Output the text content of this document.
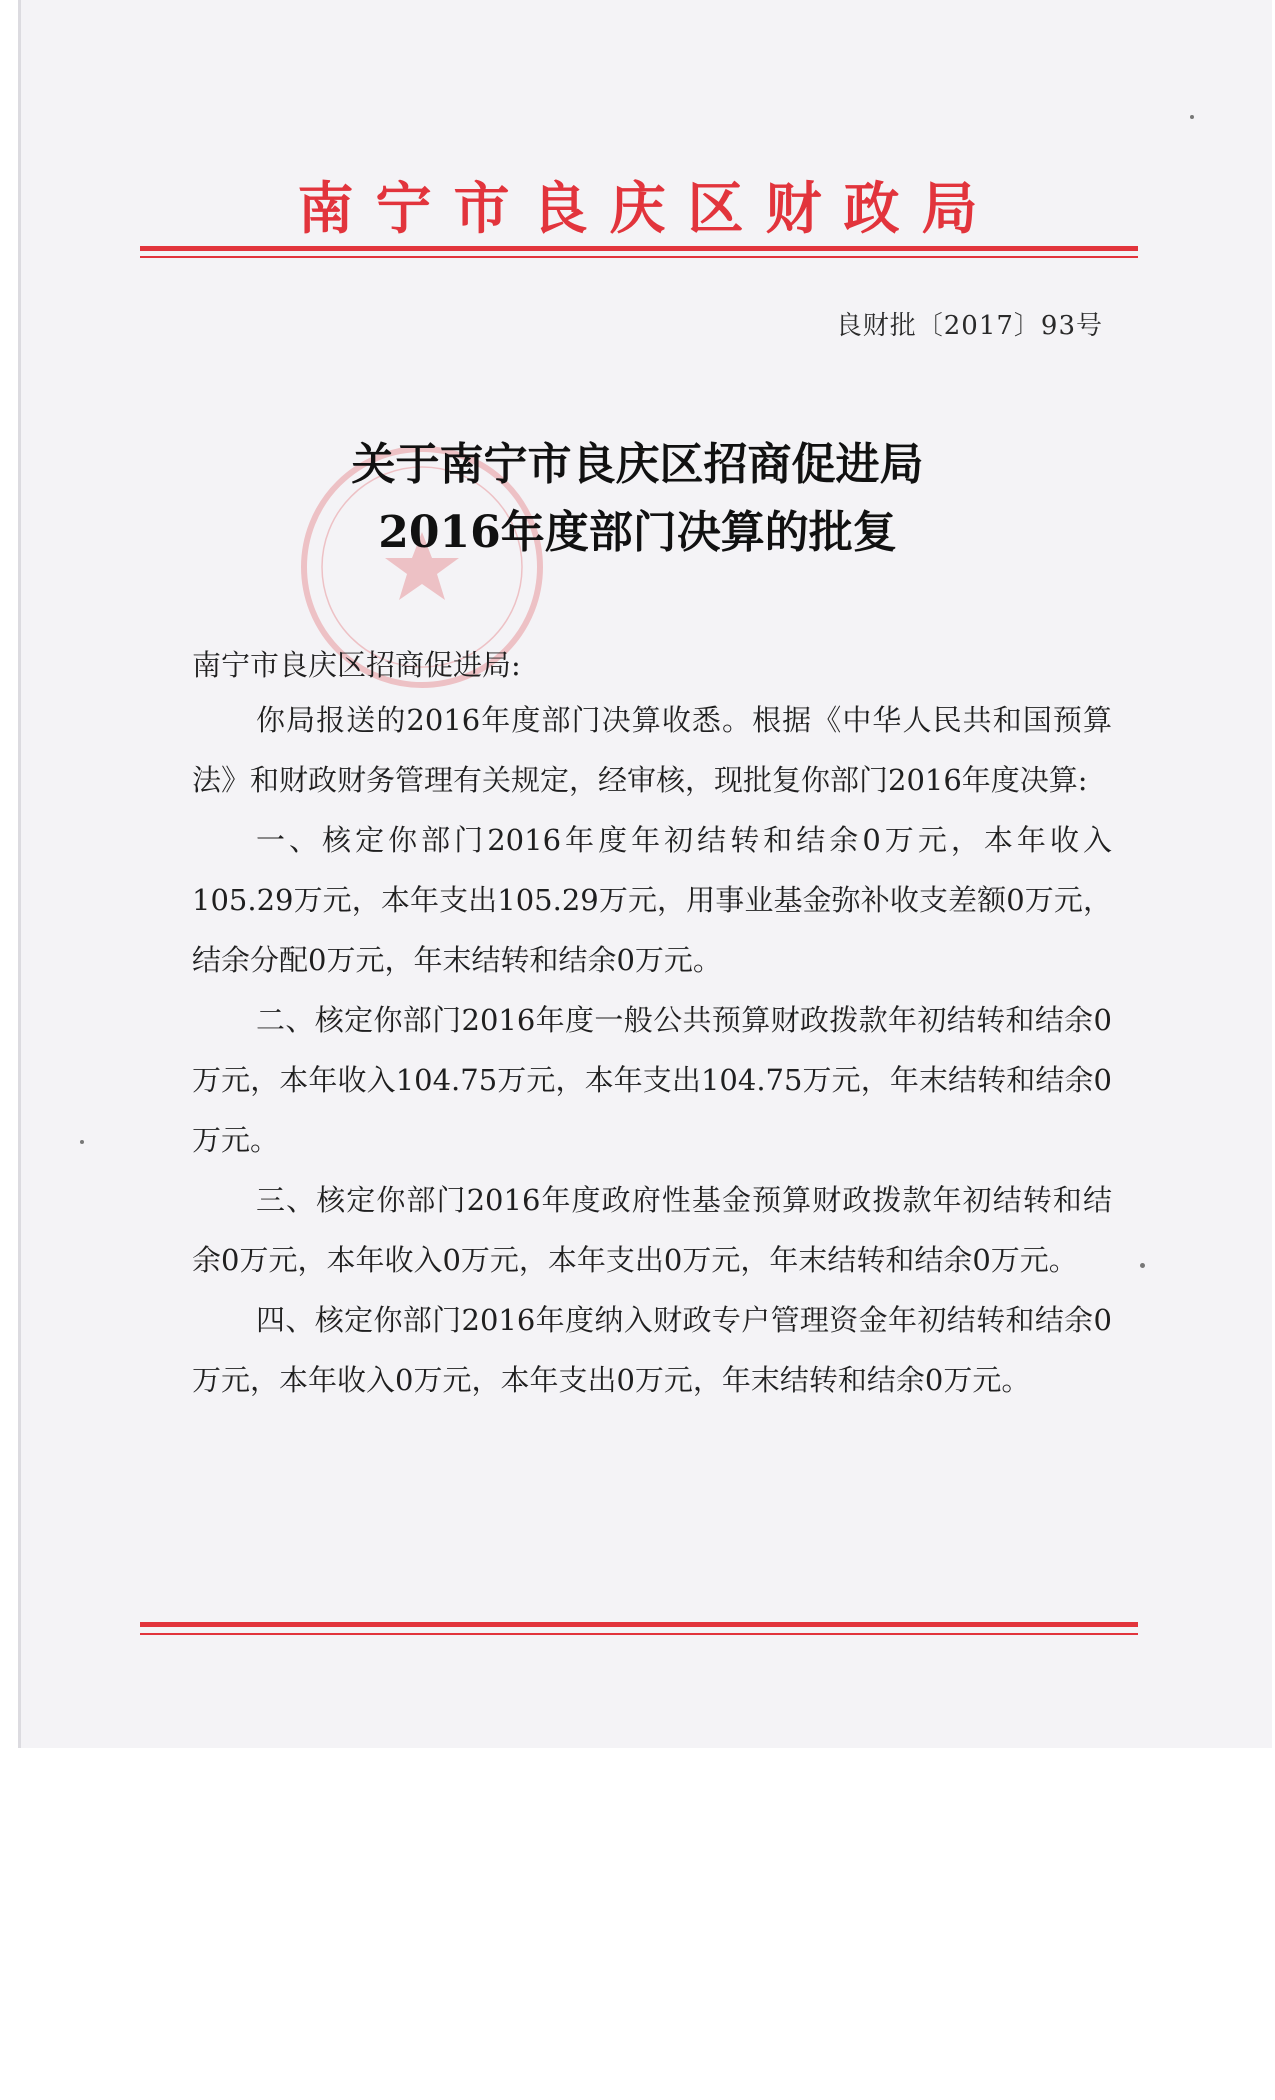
南宁市良庆区财政局
良财批〔2017〕93号
关于南宁市良庆区招商促进局
2016年度部门决算的批复
南宁市良庆区招商促进局:

你局报送的2016年度部门决算收悉。根据《中华人民共和国预算法》和财政财务管理有关规定，经审核，现批复你部门2016年度决算:

一、核定你部门2016年度年初结转和结余0万元，本年收入105.29万元，本年支出105.29万元，用事业基金弥补收支差额0万元，结余分配0万元，年末结转和结余0万元。

二、核定你部门2016年度一般公共预算财政拨款年初结转和结余0万元，本年收入104.75万元，本年支出104.75万元，年末结转和结余0万元。

三、核定你部门2016年度政府性基金预算财政拨款年初结转和结余0万元，本年收入0万元，本年支出0万元，年末结转和结余0万元。

四、核定你部门2016年度纳入财政专户管理资金年初结转和结余0万元，本年收入0万元，本年支出0万元，年末结转和结余0万元。
